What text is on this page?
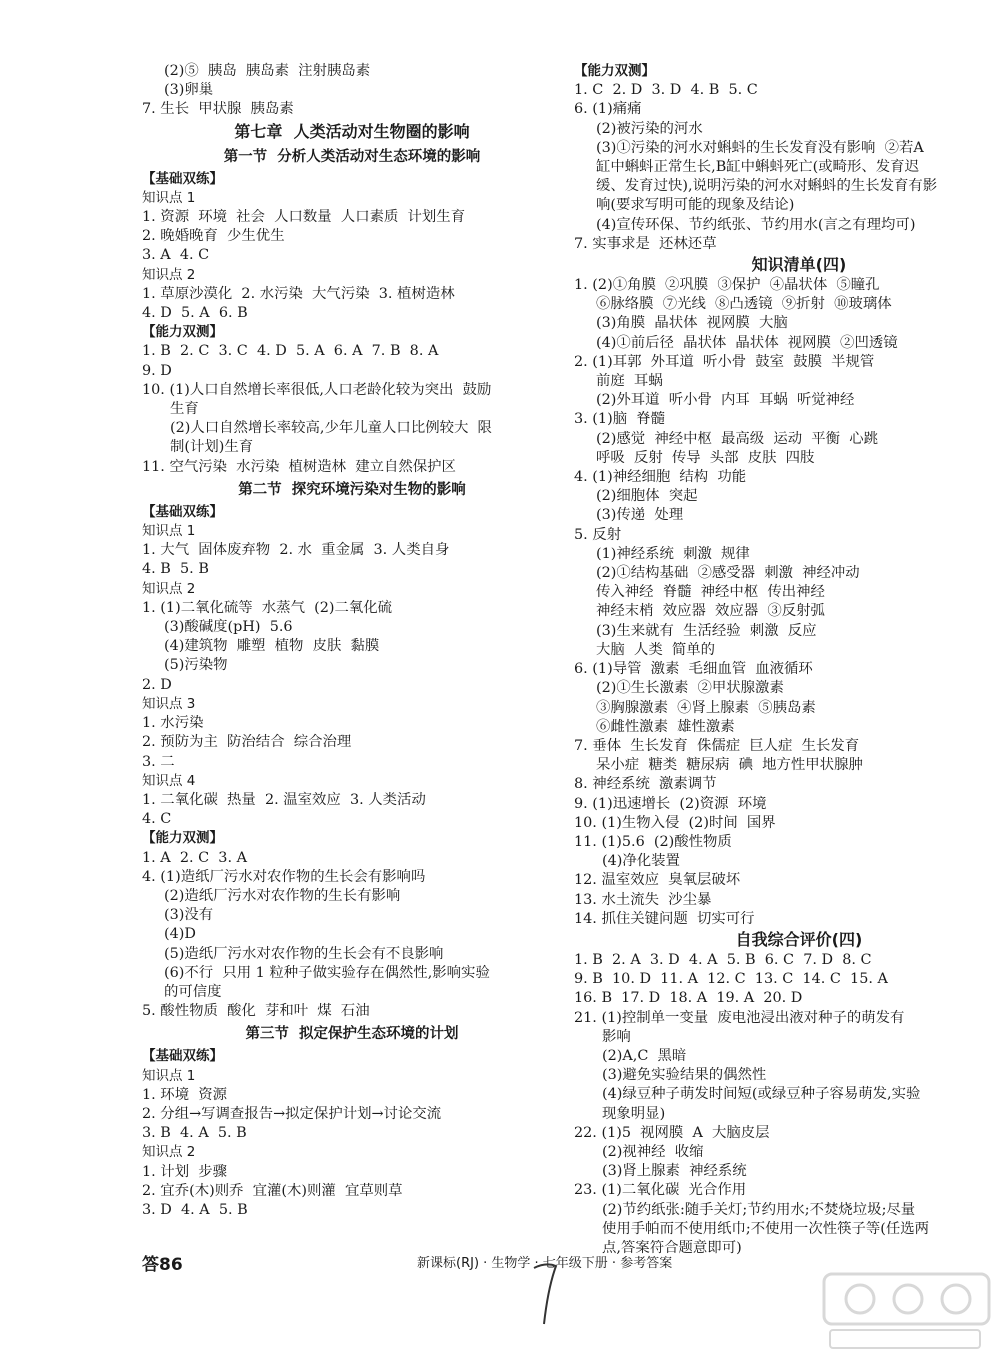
(2)⑤  胰岛  胰岛素  注射胰岛素
(3)卵巢
7. 生长  甲状腺  胰岛素
第七章  人类活动对生物圈的影响
第一节  分析人类活动对生态环境的影响
【基础双练】
知识点 1
1. 资源  环境  社会  人口数量  人口素质  计划生育
2. 晚婚晚育  少生优生
3. A  4. C
知识点 2
1. 草原沙漠化  2. 水污染  大气污染  3. 植树造林
4. D  5. A  6. B
【能力双测】
1. B  2. C  3. C  4. D  5. A  6. A  7. B  8. A
9. D
10. (1)人口自然增长率很低,人口老龄化较为突出  鼓励
生育
(2)人口自然增长率较高,少年儿童人口比例较大  限
制(计划)生育
11. 空气污染  水污染  植树造林  建立自然保护区
第二节  探究环境污染对生物的影响
【基础双练】
知识点 1
1. 大气  固体废弃物  2. 水  重金属  3. 人类自身
4. B  5. B
知识点 2
1. (1)二氧化硫等  水蒸气  (2)二氧化硫
(3)酸碱度(pH)  5.6
(4)建筑物  雕塑  植物  皮肤  黏膜
(5)污染物
2. D
知识点 3
1. 水污染
2. 预防为主  防治结合  综合治理
3. 二
知识点 4
1. 二氧化碳  热量  2. 温室效应  3. 人类活动
4. C
【能力双测】
1. A  2. C  3. A
4. (1)造纸厂污水对农作物的生长会有影响吗
(2)造纸厂污水对农作物的生长有影响
(3)没有
(4)D
(5)造纸厂污水对农作物的生长会有不良影响
(6)不行  只用 1 粒种子做实验存在偶然性,影响实验
的可信度
5. 酸性物质  酸化  芽和叶  煤  石油
第三节  拟定保护生态环境的计划
【基础双练】
知识点 1
1. 环境  资源
2. 分组→写调查报告→拟定保护计划→讨论交流
3. B  4. A  5. B
知识点 2
1. 计划  步骤
2. 宜乔(木)则乔  宜灌(木)则灌  宜草则草
3. D  4. A  5. B
【能力双测】
1. C  2. D  3. D  4. B  5. C
6. (1)痛痛
(2)被污染的河水
(3)①污染的河水对蝌蚪的生长发育没有影响  ②若A
缸中蝌蚪正常生长,B缸中蝌蚪死亡(或畸形、发育迟
缓、发育过快),说明污染的河水对蝌蚪的生长发育有影
响(要求写明可能的现象及结论)
(4)宣传环保、节约纸张、节约用水(言之有理均可)
7. 实事求是  还林还草
知识清单(四)
1. (2)①角膜  ②巩膜  ③保护  ④晶状体  ⑤瞳孔
⑥脉络膜  ⑦光线  ⑧凸透镜  ⑨折射  ⑩玻璃体
(3)角膜  晶状体  视网膜  大脑
(4)①前后径  晶状体  晶状体  视网膜  ②凹透镜
2. (1)耳郭  外耳道  听小骨  鼓室  鼓膜  半规管
前庭  耳蜗
(2)外耳道  听小骨  内耳  耳蜗  听觉神经
3. (1)脑  脊髓
(2)感觉  神经中枢  最高级  运动  平衡  心跳
呼吸  反射  传导  头部  皮肤  四肢
4. (1)神经细胞  结构  功能
(2)细胞体  突起
(3)传递  处理
5. 反射
(1)神经系统  刺激  规律
(2)①结构基础  ②感受器  刺激  神经冲动
传入神经  脊髓  神经中枢  传出神经
神经末梢  效应器  效应器  ③反射弧
(3)生来就有  生活经验  刺激  反应
大脑  人类  简单的
6. (1)导管  激素  毛细血管  血液循环
(2)①生长激素  ②甲状腺激素
③胸腺激素  ④肾上腺素  ⑤胰岛素
⑥雌性激素  雄性激素
7. 垂体  生长发育  侏儒症  巨人症  生长发育
呆小症  糖类  糖尿病  碘  地方性甲状腺肿
8. 神经系统  激素调节
9. (1)迅速增长  (2)资源  环境
10. (1)生物入侵  (2)时间  国界
11. (1)5.6  (2)酸性物质
(4)净化装置
12. 温室效应  臭氧层破坏
13. 水土流失  沙尘暴
14. 抓住关键问题  切实可行
自我综合评价(四)
1. B  2. A  3. D  4. A  5. B  6. C  7. D  8. C
9. B  10. D  11. A  12. C  13. C  14. C  15. A
16. B  17. D  18. A  19. A  20. D
21. (1)控制单一变量  废电池浸出液对种子的萌发有
影响
(2)A,C  黑暗
(3)避免实验结果的偶然性
(4)绿豆种子萌发时间短(或绿豆种子容易萌发,实验
现象明显)
22. (1)5  视网膜  A  大脑皮层
(2)视神经  收缩
(3)肾上腺素  神经系统
23. (1)二氧化碳  光合作用
(2)节约纸张:随手关灯;节约用水;不焚烧垃圾;尽量
使用手帕而不使用纸巾;不使用一次性筷子等(任选两
点,答案符合题意即可)
答86	新课标(RJ) · 生物学 · 七年级下册 · 参考答案
